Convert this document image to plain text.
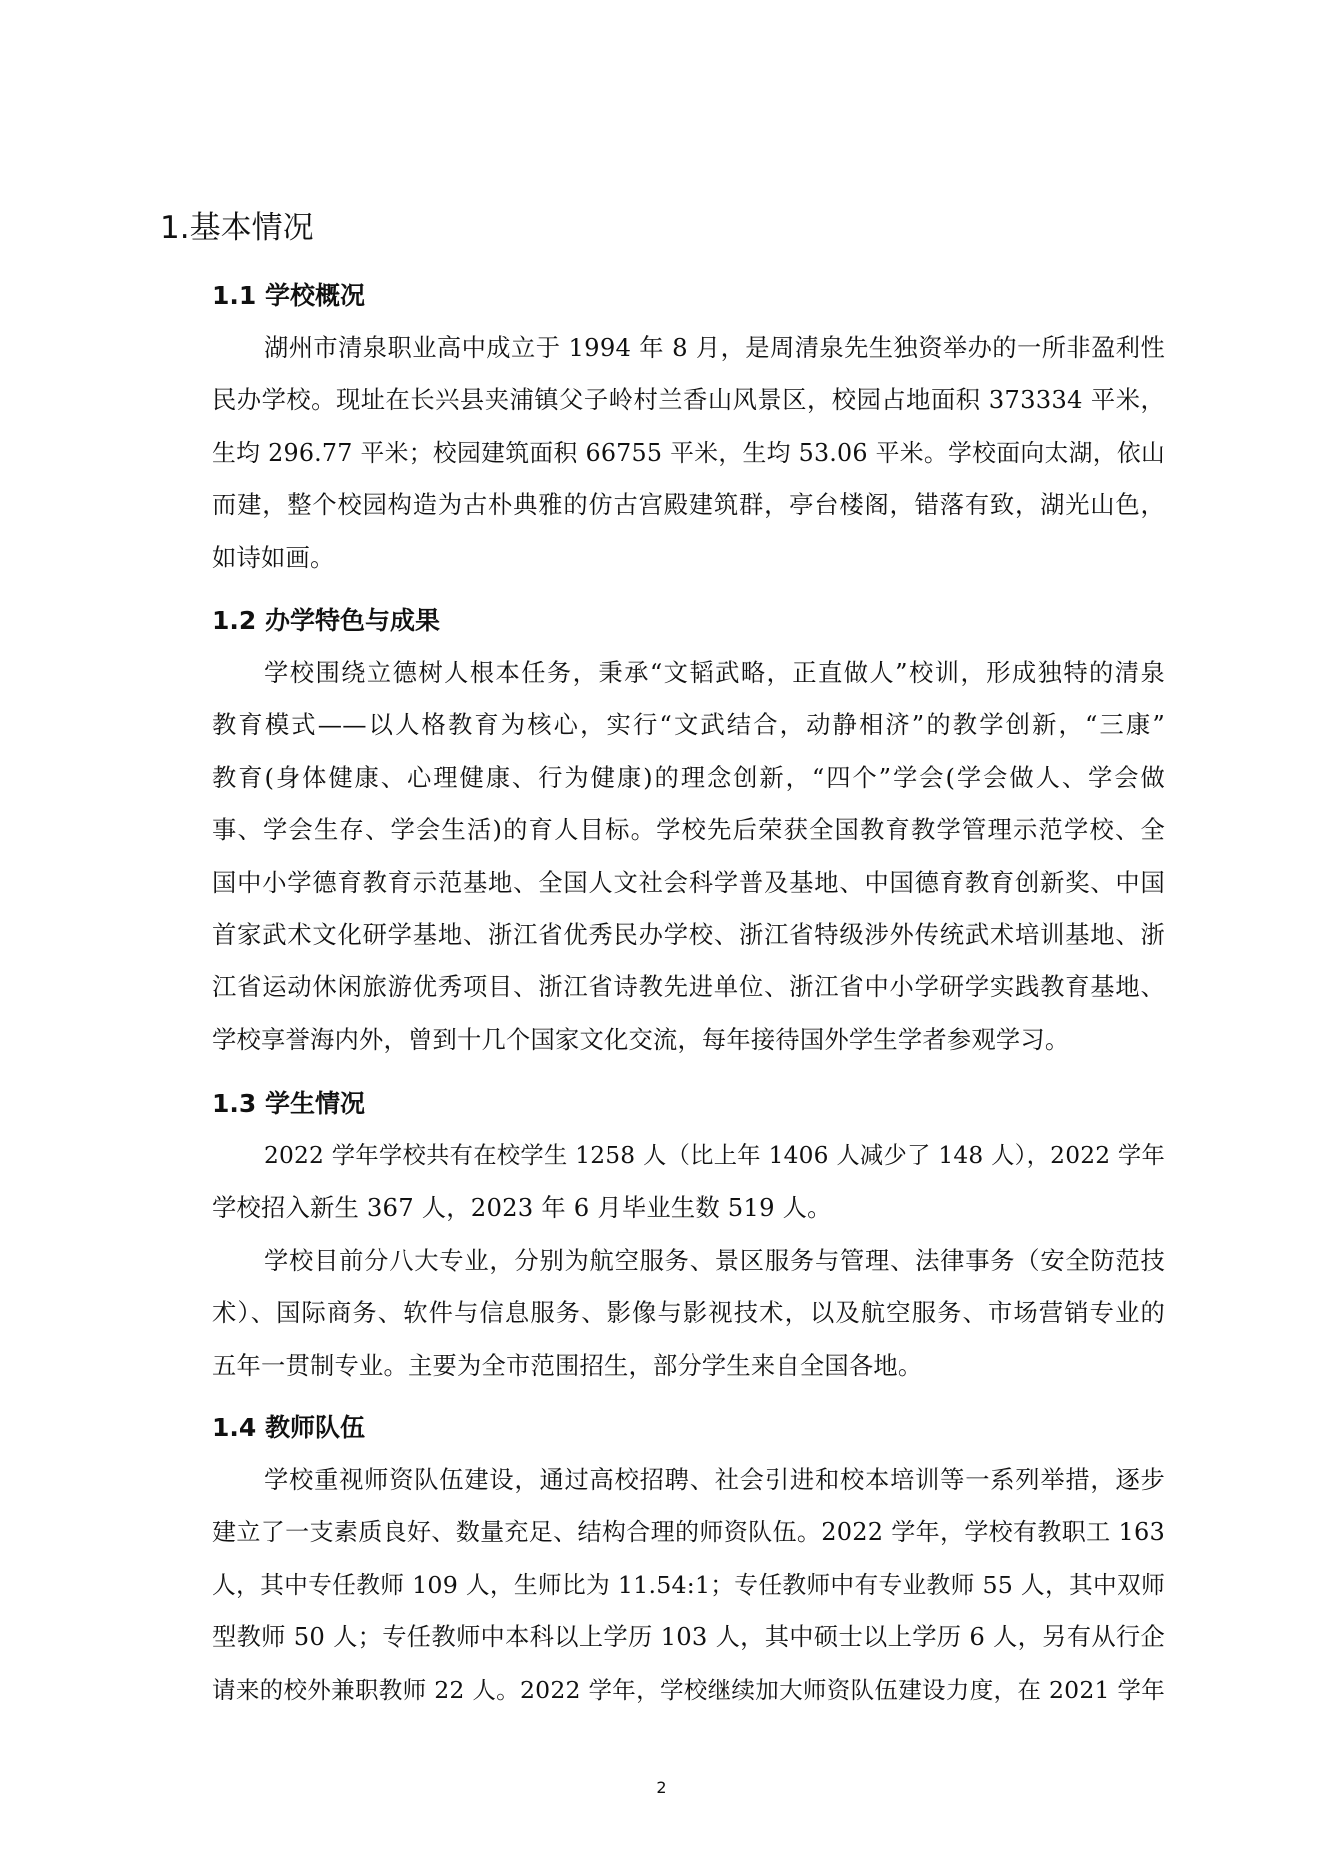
1.基本情况
1.1 学校概况
湖州市清泉职业高中成立于 1994 年 8 月，是周清泉先生独资举办的一所非盈利性
民办学校。现址在长兴县夹浦镇父子岭村兰香山风景区，校园占地面积 373334 平米，
生均 296.77 平米；校园建筑面积 66755 平米，生均 53.06 平米。学校面向太湖，依山
而建，整个校园构造为古朴典雅的仿古宫殿建筑群，亭台楼阁，错落有致，湖光山色，
如诗如画。
1.2 办学特色与成果
学校围绕立德树人根本任务，秉承“文韬武略，正直做人”校训，形成独特的清泉
教育模式——以人格教育为核心，实行“文武结合，动静相济”的教学创新，“三康”
教育(身体健康、心理健康、行为健康)的理念创新，“四个”学会(学会做人、学会做
事、学会生存、学会生活)的育人目标。学校先后荣获全国教育教学管理示范学校、全
国中小学德育教育示范基地、全国人文社会科学普及基地、中国德育教育创新奖、中国
首家武术文化研学基地、浙江省优秀民办学校、浙江省特级涉外传统武术培训基地、浙
江省运动休闲旅游优秀项目、浙江省诗教先进单位、浙江省中小学研学实践教育基地、
学校享誉海内外，曾到十几个国家文化交流，每年接待国外学生学者参观学习。
1.3 学生情况
2022 学年学校共有在校学生 1258 人（比上年 1406 人减少了 148 人），2022 学年
学校招入新生 367 人，2023 年 6 月毕业生数 519 人。
学校目前分八大专业，分别为航空服务、景区服务与管理、法律事务（安全防范技
术）、国际商务、软件与信息服务、影像与影视技术，以及航空服务、市场营销专业的
五年一贯制专业。主要为全市范围招生，部分学生来自全国各地。
1.4 教师队伍
学校重视师资队伍建设，通过高校招聘、社会引进和校本培训等一系列举措，逐步
建立了一支素质良好、数量充足、结构合理的师资队伍。2022 学年，学校有教职工 163
人，其中专任教师 109 人，生师比为 11.54:1；专任教师中有专业教师 55 人，其中双师
型教师 50 人；专任教师中本科以上学历 103 人，其中硕士以上学历 6 人，另有从行企
请来的校外兼职教师 22 人。2022 学年，学校继续加大师资队伍建设力度，在 2021 学年
2
